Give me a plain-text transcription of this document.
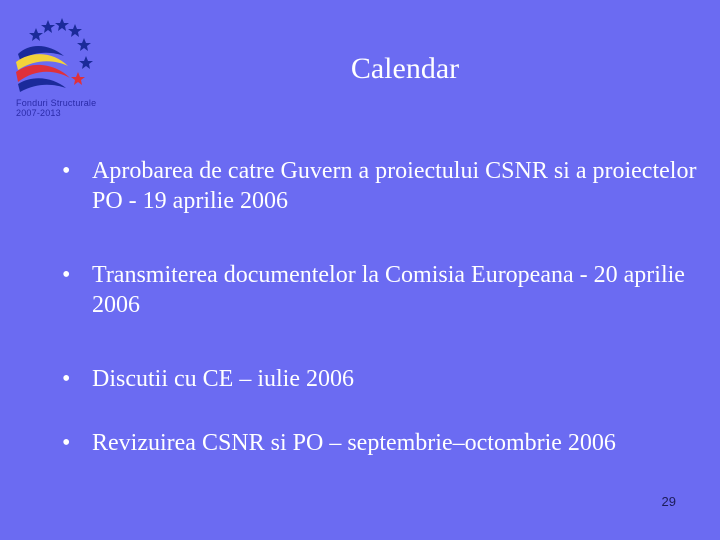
Fonduri Structurale
2007-2013
Calendar
• Aprobarea de catre Guvern a proiectului CSNR si a proiectelor PO - 19 aprilie 2006
• Transmiterea documentelor la Comisia Europeana - 20 aprilie 2006
• Discutii cu CE – iulie 2006
• Revizuirea CSNR si PO – septembrie–octombrie 2006
29
